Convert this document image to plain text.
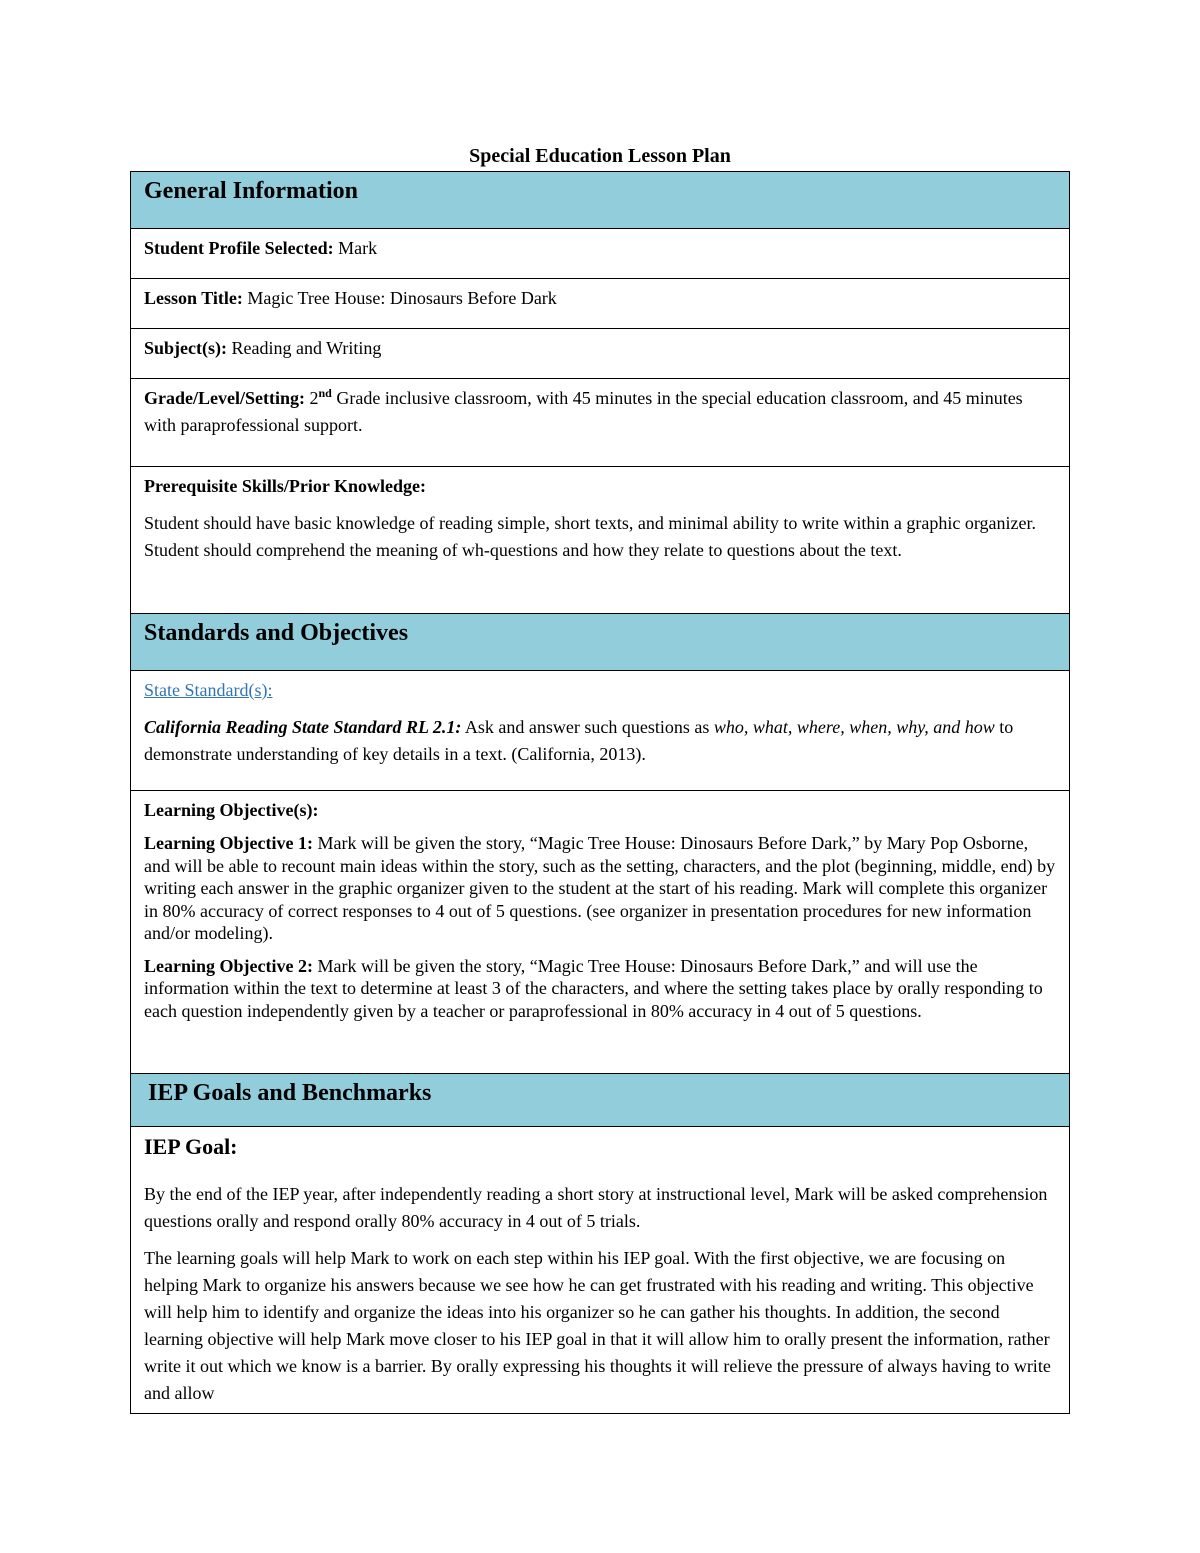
Special Education Lesson Plan
General Information

Student Profile Selected: Mark
Lesson Title: Magic Tree House: Dinosaurs Before Dark
Subject(s): Reading and Writing
Grade/Level/Setting: 2nd Grade inclusive classroom, with 45 minutes in the special education classroom, and 45 minutes with paraprofessional support.

Prerequisite Skills/Prior Knowledge:

Student should have basic knowledge of reading simple, short texts, and minimal ability to write within a graphic organizer. Student should comprehend the meaning of wh-questions and how they relate to questions about the text.

Standards and Objectives

State Standard(s):

California Reading State Standard RL 2.1: Ask and answer such questions as who, what, where, when, why, and how to demonstrate understanding of key details in a text. (California, 2013).

Learning Objective(s):

Learning Objective 1: Mark will be given the story, “Magic Tree House: Dinosaurs Before Dark,” by Mary Pop Osborne, and will be able to recount main ideas within the story, such as the setting, characters, and the plot (beginning, middle, end) by writing each answer in the graphic organizer given to the student at the start of his reading. Mark will complete this organizer in 80% accuracy of correct responses to 4 out of 5 questions. (see organizer in presentation procedures for new information and/or modeling).

Learning Objective 2: Mark will be given the story, “Magic Tree House: Dinosaurs Before Dark,” and will use the information within the text to determine at least 3 of the characters, and where the setting takes place by orally responding to each question independently given by a teacher or paraprofessional in 80% accuracy in 4 out of 5 questions.

IEP Goals and Benchmarks

IEP Goal:

By the end of the IEP year, after independently reading a short story at instructional level, Mark will be asked comprehension questions orally and respond orally 80% accuracy in 4 out of 5 trials.

The learning goals will help Mark to work on each step within his IEP goal. With the first objective, we are focusing on helping Mark to organize his answers because we see how he can get frustrated with his reading and writing. This objective will help him to identify and organize the ideas into his organizer so he can gather his thoughts. In addition, the second learning objective will help Mark move closer to his IEP goal in that it will allow him to orally present the information, rather write it out which we know is a barrier. By orally expressing his thoughts it will relieve the pressure of always having to write and allow
